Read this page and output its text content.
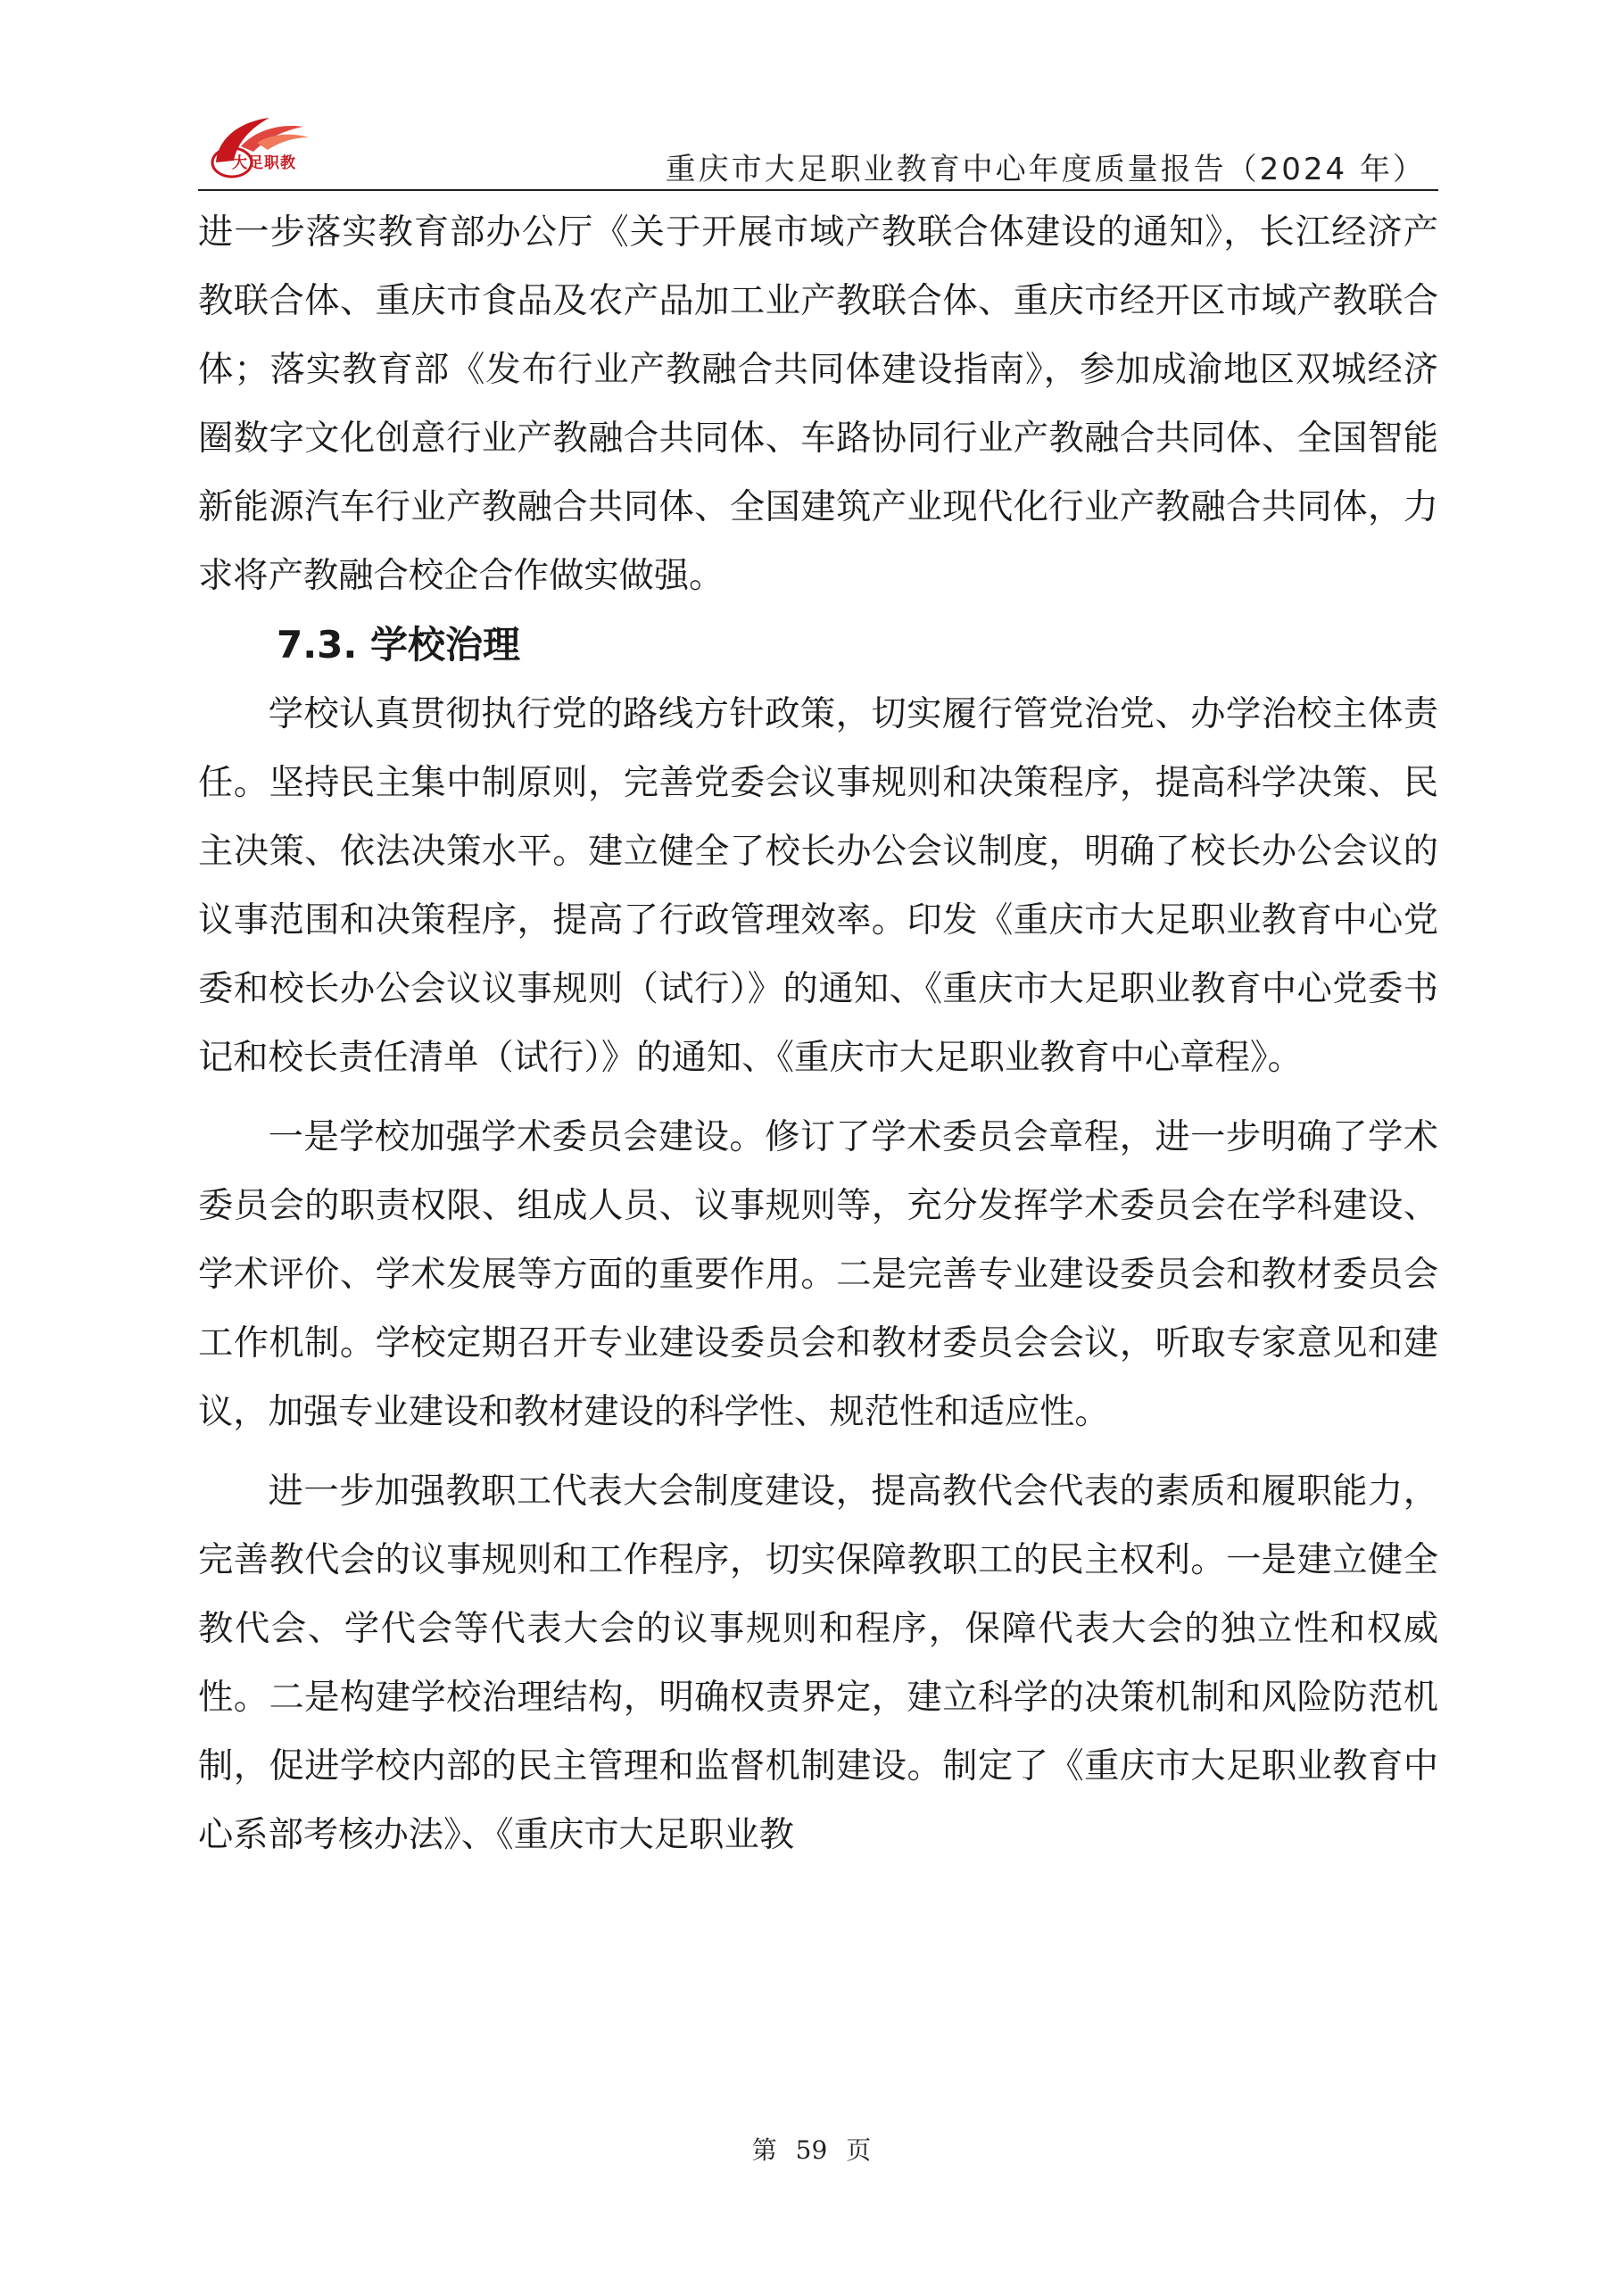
大足职教	重庆市大足职业教育中心年度质量报告（2024 年）

进一步落实教育部办公厅《关于开展市域产教联合体建设的通知》，长江经济产教联合体、重庆市食品及农产品加工业产教联合体、重庆市经开区市域产教联合体；落实教育部《发布行业产教融合共同体建设指南》，参加成渝地区双城经济圈数字文化创意行业产教融合共同体、车路协同行业产教融合共同体、全国智能新能源汽车行业产教融合共同体、全国建筑产业现代化行业产教融合共同体，力求将产教融合校企合作做实做强。

7.3. 学校治理

学校认真贯彻执行党的路线方针政策，切实履行管党治党、办学治校主体责任。坚持民主集中制原则，完善党委会议事规则和决策程序，提高科学决策、民主决策、依法决策水平。建立健全了校长办公会议制度，明确了校长办公会议的议事范围和决策程序，提高了行政管理效率。印发《重庆市大足职业教育中心党委和校长办公会议议事规则（试行）》的通知、《重庆市大足职业教育中心党委书记和校长责任清单（试行）》的通知、《重庆市大足职业教育中心章程》。

一是学校加强学术委员会建设。修订了学术委员会章程，进一步明确了学术委员会的职责权限、组成人员、议事规则等，充分发挥学术委员会在学科建设、学术评价、学术发展等方面的重要作用。二是完善专业建设委员会和教材委员会工作机制。学校定期召开专业建设委员会和教材委员会会议，听取专家意见和建议，加强专业建设和教材建设的科学性、规范性和适应性。

进一步加强教职工代表大会制度建设，提高教代会代表的素质和履职能力，完善教代会的议事规则和工作程序，切实保障教职工的民主权利。一是建立健全教代会、学代会等代表大会的议事规则和程序，保障代表大会的独立性和权威性。二是构建学校治理结构，明确权责界定，建立科学的决策机制和风险防范机制，促进学校内部的民主管理和监督机制建设。制定了《重庆市大足职业教育中心系部考核办法》、《重庆市大足职业教

第 59 页
